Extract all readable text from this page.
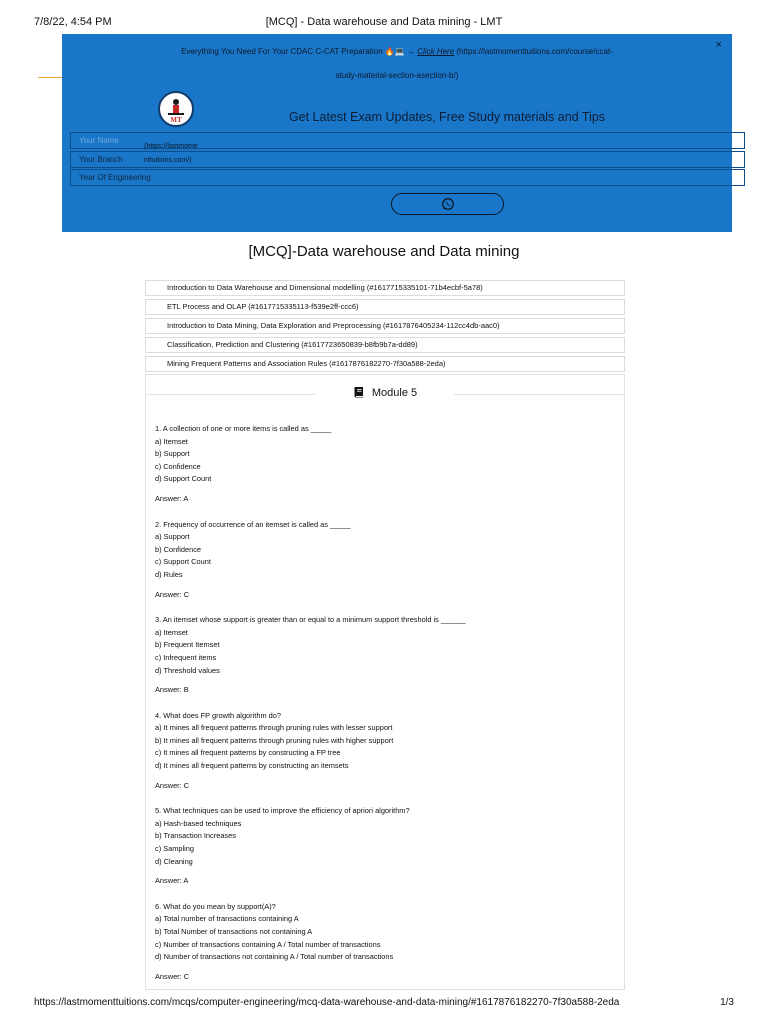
7/8/22, 4:54 PM	[MCQ] - Data warehouse and Data mining - LMT
Everything You Need For Your CDAC C-CAT Preparation 🔥💻 → Click Here (https://lastmomenttuitions.com/course/ccat-
study-material-section-asection-b/)
×
MT	Get Latest Exam Updates, Free Study materials and Tips
Your Name
Your Branch
Year Of Engineering
(https://lastmome
nttuitions.com/)
[MCQ]-Data warehouse and Data mining
Introduction to Data Warehouse and Dimensional modelling (#1617715335101-71b4ecbf-5a78)
ETL Process and OLAP (#1617715335113-f539e2ff-ccc6)
Introduction to Data Mining, Data Exploration and Preprocessing (#1617876405234-112cc4db-aac0)
Classification, Prediction and Clustering (#1617723650839-b8fb9b7a-dd89)
Mining Frequent Patterns and Association Rules (#1617876182270-7f30a588-2eda)
Module 5
1. A collection of one or more items is called as _____
a) Itemset
b) Support
c) Confidence
d) Support Count
Answer: A
2. Frequency of occurrence of an itemset is called as _____
a) Support
b) Confidence
c) Support Count
d) Rules
Answer: C
3. An itemset whose support is greater than or equal to a minimum support threshold is ______
a) Itemset
b) Frequent Itemset
c) Infrequent items
d) Threshold values
Answer: B
4. What does FP growth algorithm do?
a) It mines all frequent patterns through pruning rules with lesser support
b) It mines all frequent patterns through pruning rules with higher support
c) It mines all frequent patterns by constructing a FP tree
d) It mines all frequent patterns by constructing an itemsets
Answer: C
5. What techniques can be used to improve the efficiency of apriori algorithm?
a) Hash-based techniques
b) Transaction Increases
c) Sampling
d) Cleaning
Answer: A
6. What do you mean by support(A)?
a) Total number of transactions containing A
b) Total Number of transactions not containing A
c) Number of transactions containing A / Total number of transactions
d) Number of transactions not containing A / Total number of transactions
Answer: C
https://lastmomenttuitions.com/mcqs/computer-engineering/mcq-data-warehouse-and-data-mining/#1617876182270-7f30a588-2eda	1/3
